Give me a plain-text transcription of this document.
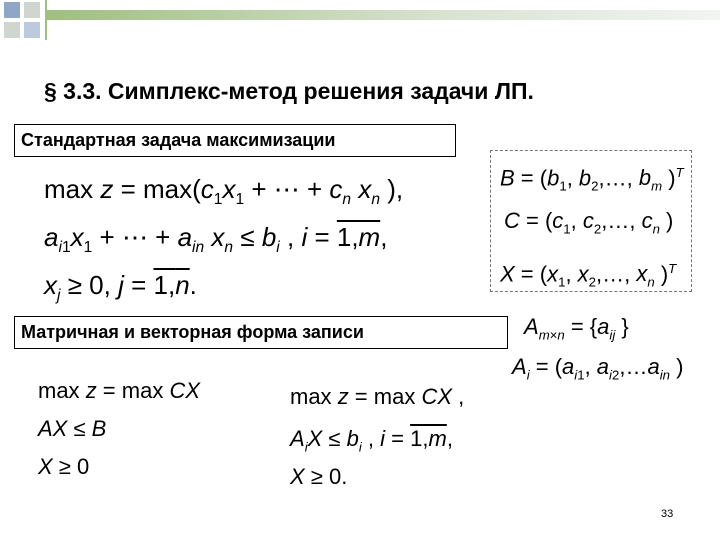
§ 3.3. Симплекс-метод решения задачи ЛП.
Стандартная задача максимизации
$\max z = \max(c_1x_1$ + ⋯ + $c_n$ $x_n$ ),
$a_{i1}x_1$ + ⋯ + $a_{in}$ $x_n \le b_i$ , i = 1,m,
$x_j \ge 0$, j = 1,n.
$B = (b_1$, $b_2,\dots$, $b_m$ )$^T$
$C = (c_1$, $c_2,\dots$, $c_n$ )
$X = (x_1$, $x_2,\dots$, $x_n$ )$^T$
Матричная и векторная форма записи	$A_{m\times n} = \{a_{ij}$ }
$A_i = (a_{i1}$, $a_{i2},\dots a_{in}$ )
max z = max CX
AX ≤ B
X ≥ 0
max z = max CX ,
$A_iX \le b_i$ , i = 1,m,
X ≥ 0.
33
